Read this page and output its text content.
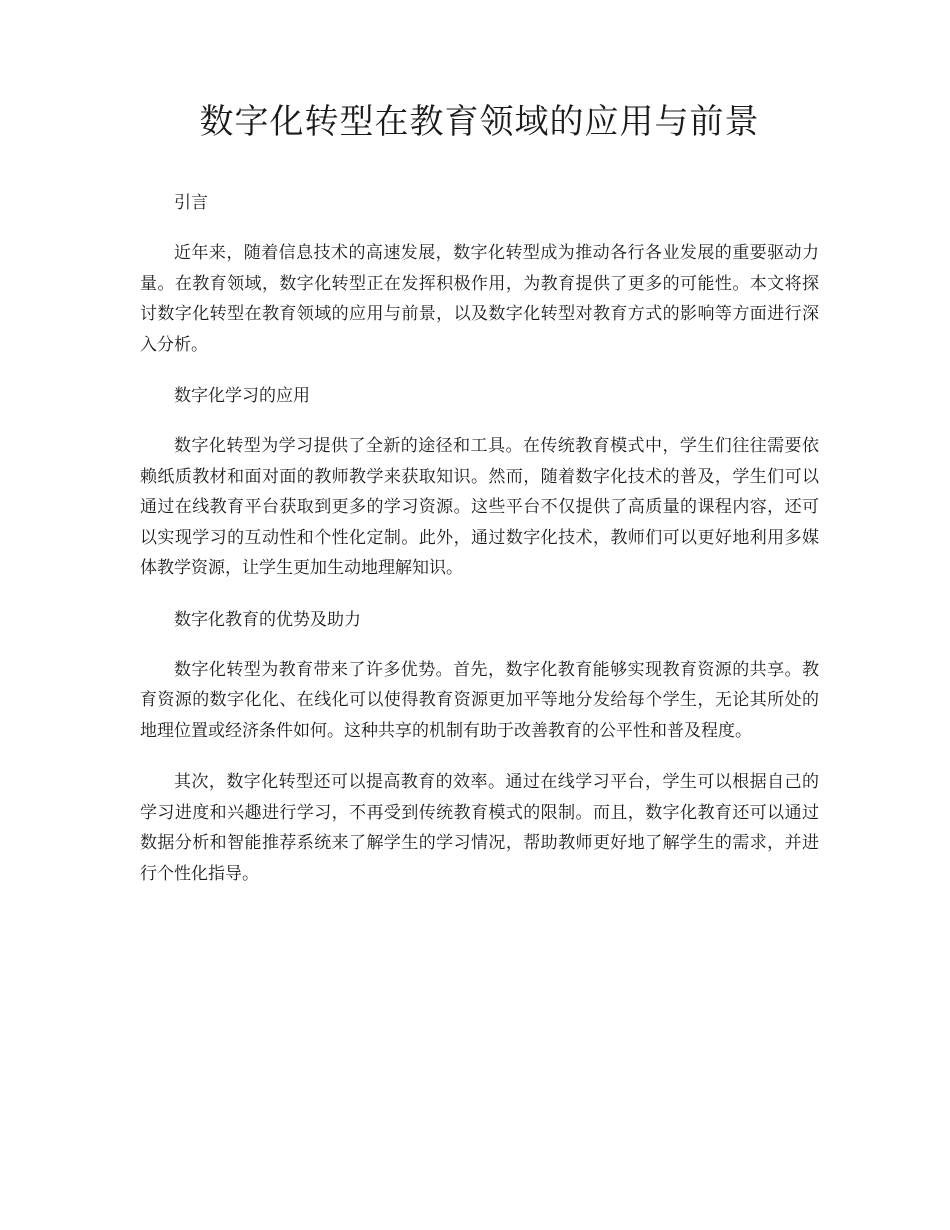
数字化转型在教育领域的应用与前景
引言

近年来，随着信息技术的高速发展，数字化转型成为推动各行各业发展的重要驱动力量。在教育领域，数字化转型正在发挥积极作用，为教育提供了更多的可能性。本文将探讨数字化转型在教育领域的应用与前景，以及数字化转型对教育方式的影响等方面进行深入分析。

数字化学习的应用

数字化转型为学习提供了全新的途径和工具。在传统教育模式中，学生们往往需要依赖纸质教材和面对面的教师教学来获取知识。然而，随着数字化技术的普及，学生们可以通过在线教育平台获取到更多的学习资源。这些平台不仅提供了高质量的课程内容，还可以实现学习的互动性和个性化定制。此外，通过数字化技术，教师们可以更好地利用多媒体教学资源，让学生更加生动地理解知识。

数字化教育的优势及助力

数字化转型为教育带来了许多优势。首先，数字化教育能够实现教育资源的共享。教育资源的数字化化、在线化可以使得教育资源更加平等地分发给每个学生，无论其所处的地理位置或经济条件如何。这种共享的机制有助于改善教育的公平性和普及程度。

其次，数字化转型还可以提高教育的效率。通过在线学习平台，学生可以根据自己的学习进度和兴趣进行学习，不再受到传统教育模式的限制。而且，数字化教育还可以通过数据分析和智能推荐系统来了解学生的学习情况，帮助教师更好地了解学生的需求，并进行个性化指导。
